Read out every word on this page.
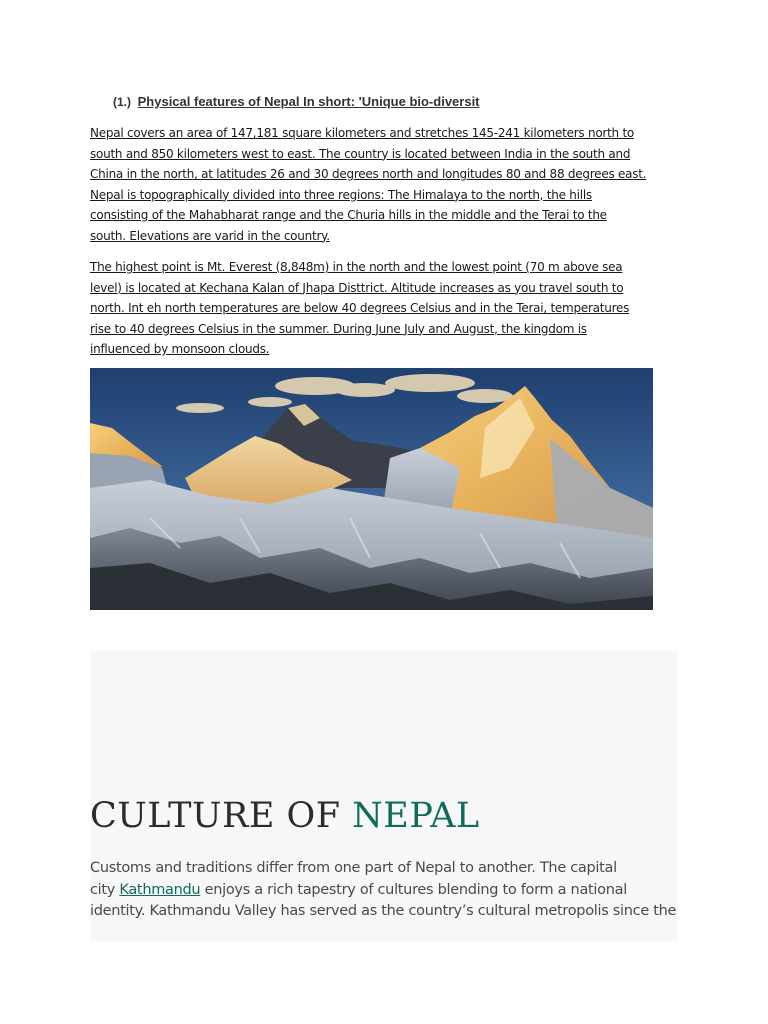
(1.) Physical features of Nepal In short: 'Unique bio-diversit

Nepal covers an area of 147,181 square kilometers and stretches 145-241 kilometers north to
south and 850 kilometers west to east. The country is located between India in the south and
China in the north, at latitudes 26 and 30 degrees north and longitudes 80 and 88 degrees east.
Nepal is topographically divided into three regions: The Himalaya to the north, the hills
consisting of the Mahabharat range and the Churia hills in the middle and the Terai to the
south. Elevations are varid in the country.

The highest point is Mt. Everest (8,848m) in the north and the lowest point (70 m above sea
level) is located at Kechana Kalan of Jhapa Disttrict. Altitude increases as you travel south to
north. Int eh north temperatures are below 40 degrees Celsius and in the Terai, temperatures
rise to 40 degrees Celsius in the summer. During June July and August, the kingdom is
influenced by monsoon clouds.

CULTURE OF NEPAL

Customs and traditions differ from one part of Nepal to another. The capital
city Kathmandu enjoys a rich tapestry of cultures blending to form a national
identity. Kathmandu Valley has served as the country’s cultural metropolis since the
